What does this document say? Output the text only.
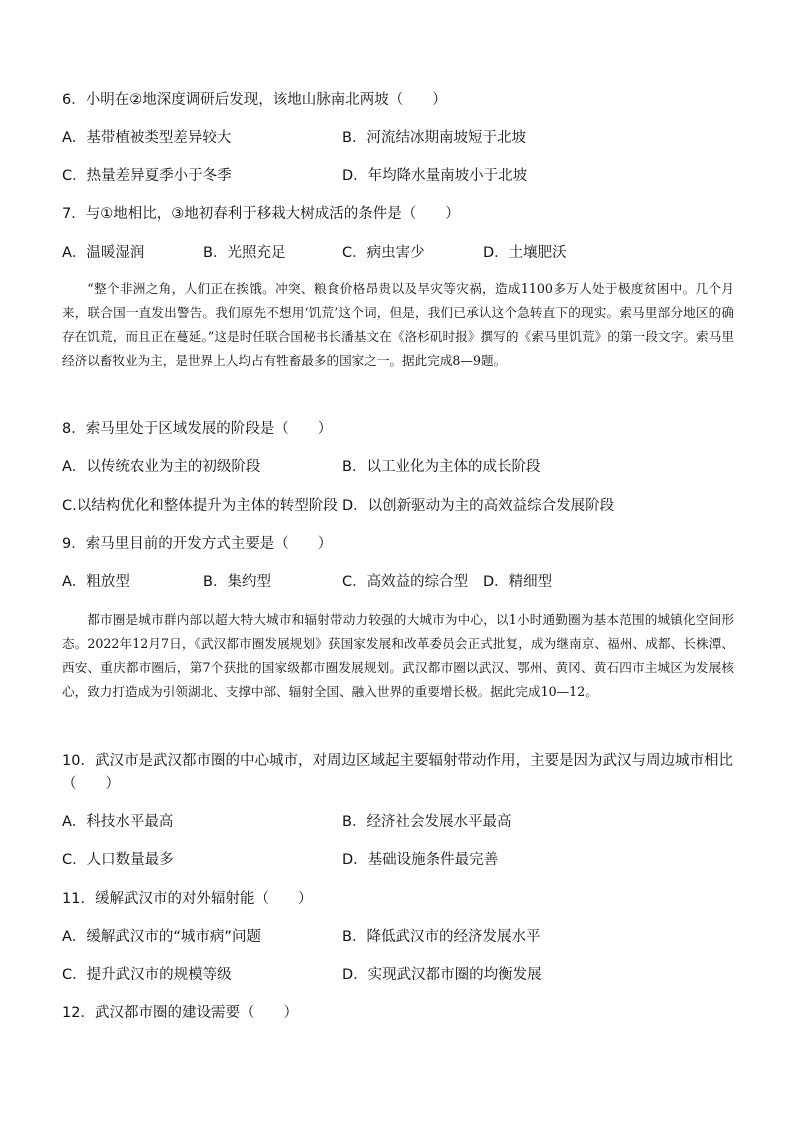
6．小明在②地深度调研后发现，该地山脉南北两坡（　　）
A．基带植被类型差异较大	B．河流结冰期南坡短于北坡
C．热量差异夏季小于冬季	D．年均降水量南坡小于北坡
7．与①地相比，③地初春利于移栽大树成活的条件是（　　）
A．温暖湿润	B．光照充足	C．病虫害少	D．土壤肥沃

“整个非洲之角，人们正在挨饿。冲突、粮食价格昂贵以及旱灾等灾祸，造成1100多万人处于极度贫困中。几个月来，联合国一直发出警告。我们原先不想用‘饥荒’这个词，但是，我们已承认这个急转直下的现实。索马里部分地区的确存在饥荒，而且正在蔓延。”这是时任联合国秘书长潘基文在《洛杉矶时报》撰写的《索马里饥荒》的第一段文字。索马里经济以畜牧业为主，是世界上人均占有牲畜最多的国家之一。据此完成8—9题。

8．索马里处于区域发展的阶段是（　　）
A．以传统农业为主的初级阶段	B．以工业化为主体的成长阶段
C.以结构优化和整体提升为主体的转型阶段 D．以创新驱动为主的高效益综合发展阶段
9．索马里目前的开发方式主要是（　　）
A．粗放型	B．集约型	C．高效益的综合型 D．精细型

都市圈是城市群内部以超大特大城市和辐射带动力较强的大城市为中心，以1小时通勤圈为基本范围的城镇化空间形态。2022年12月7日，《武汉都市圈发展规划》获国家发展和改革委员会正式批复，成为继南京、福州、成都、长株潭、西安、重庆都市圈后，第7个获批的国家级都市圈发展规划。武汉都市圈以武汉、鄂州、黄冈、黄石四市主城区为发展核心，致力打造成为引领湖北、支撑中部、辐射全国、融入世界的重要增长极。据此完成10—12。

10．武汉市是武汉都市圈的中心城市，对周边区域起主要辐射带动作用，主要是因为武汉与周边城市相比
（　　）
A．科技水平最高	B．经济社会发展水平最高
C．人口数量最多	D．基础设施条件最完善
11．缓解武汉市的对外辐射能（　　）
A．缓解武汉市的“城市病”问题	B．降低武汉市的经济发展水平
C．提升武汉市的规模等级	D．实现武汉都市圈的均衡发展
12．武汉都市圈的建设需要（　　）
